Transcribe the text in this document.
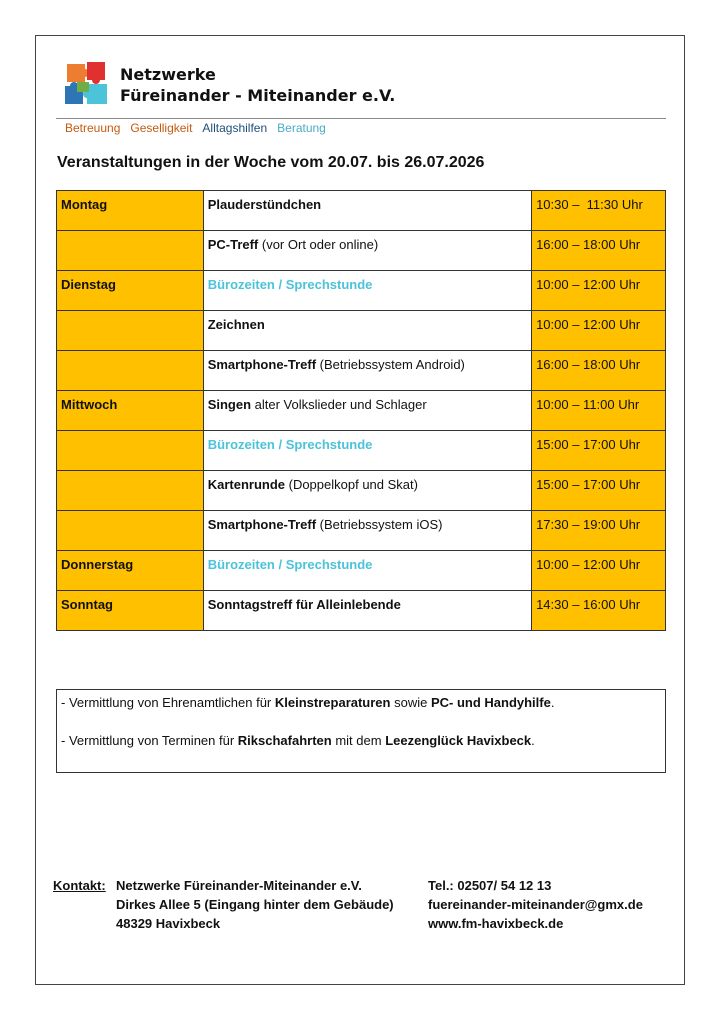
Netzwerke
Füreinander - Miteinander e.V.
Betreuung Geselligkeit Alltagshilfen Beratung
Veranstaltungen in der Woche vom 20.07. bis 26.07.2026
Montag	Plauderstündchen	10:30 –  11:30 Uhr
	PC-Treff (vor Ort oder online)	16:00 – 18:00 Uhr
Dienstag	Bürozeiten / Sprechstunde	10:00 – 12:00 Uhr
	Zeichnen	10:00 – 12:00 Uhr
	Smartphone-Treff (Betriebssystem Android)	16:00 – 18:00 Uhr
Mittwoch	Singen alter Volkslieder und Schlager	10:00 – 11:00 Uhr
	Bürozeiten / Sprechstunde	15:00 – 17:00 Uhr
	Kartenrunde (Doppelkopf und Skat)	15:00 – 17:00 Uhr
	Smartphone-Treff (Betriebssystem iOS)	17:30 – 19:00 Uhr
Donnerstag	Bürozeiten / Sprechstunde	10:00 – 12:00 Uhr
Sonntag	Sonntagstreff für Alleinlebende	14:30 – 16:00 Uhr
- Vermittlung von Ehrenamtlichen für Kleinstreparaturen sowie PC- und Handyhilfe.
- Vermittlung von Terminen für Rikschafahrten mit dem Leezenglück Havixbeck.
Kontakt: Netzwerke Füreinander-Miteinander e.V.
Dirkes Allee 5 (Eingang hinter dem Gebäude)
48329 Havixbeck
Tel.: 02507/ 54 12 13
fuereinander-miteinander@gmx.de
www.fm-havixbeck.de
